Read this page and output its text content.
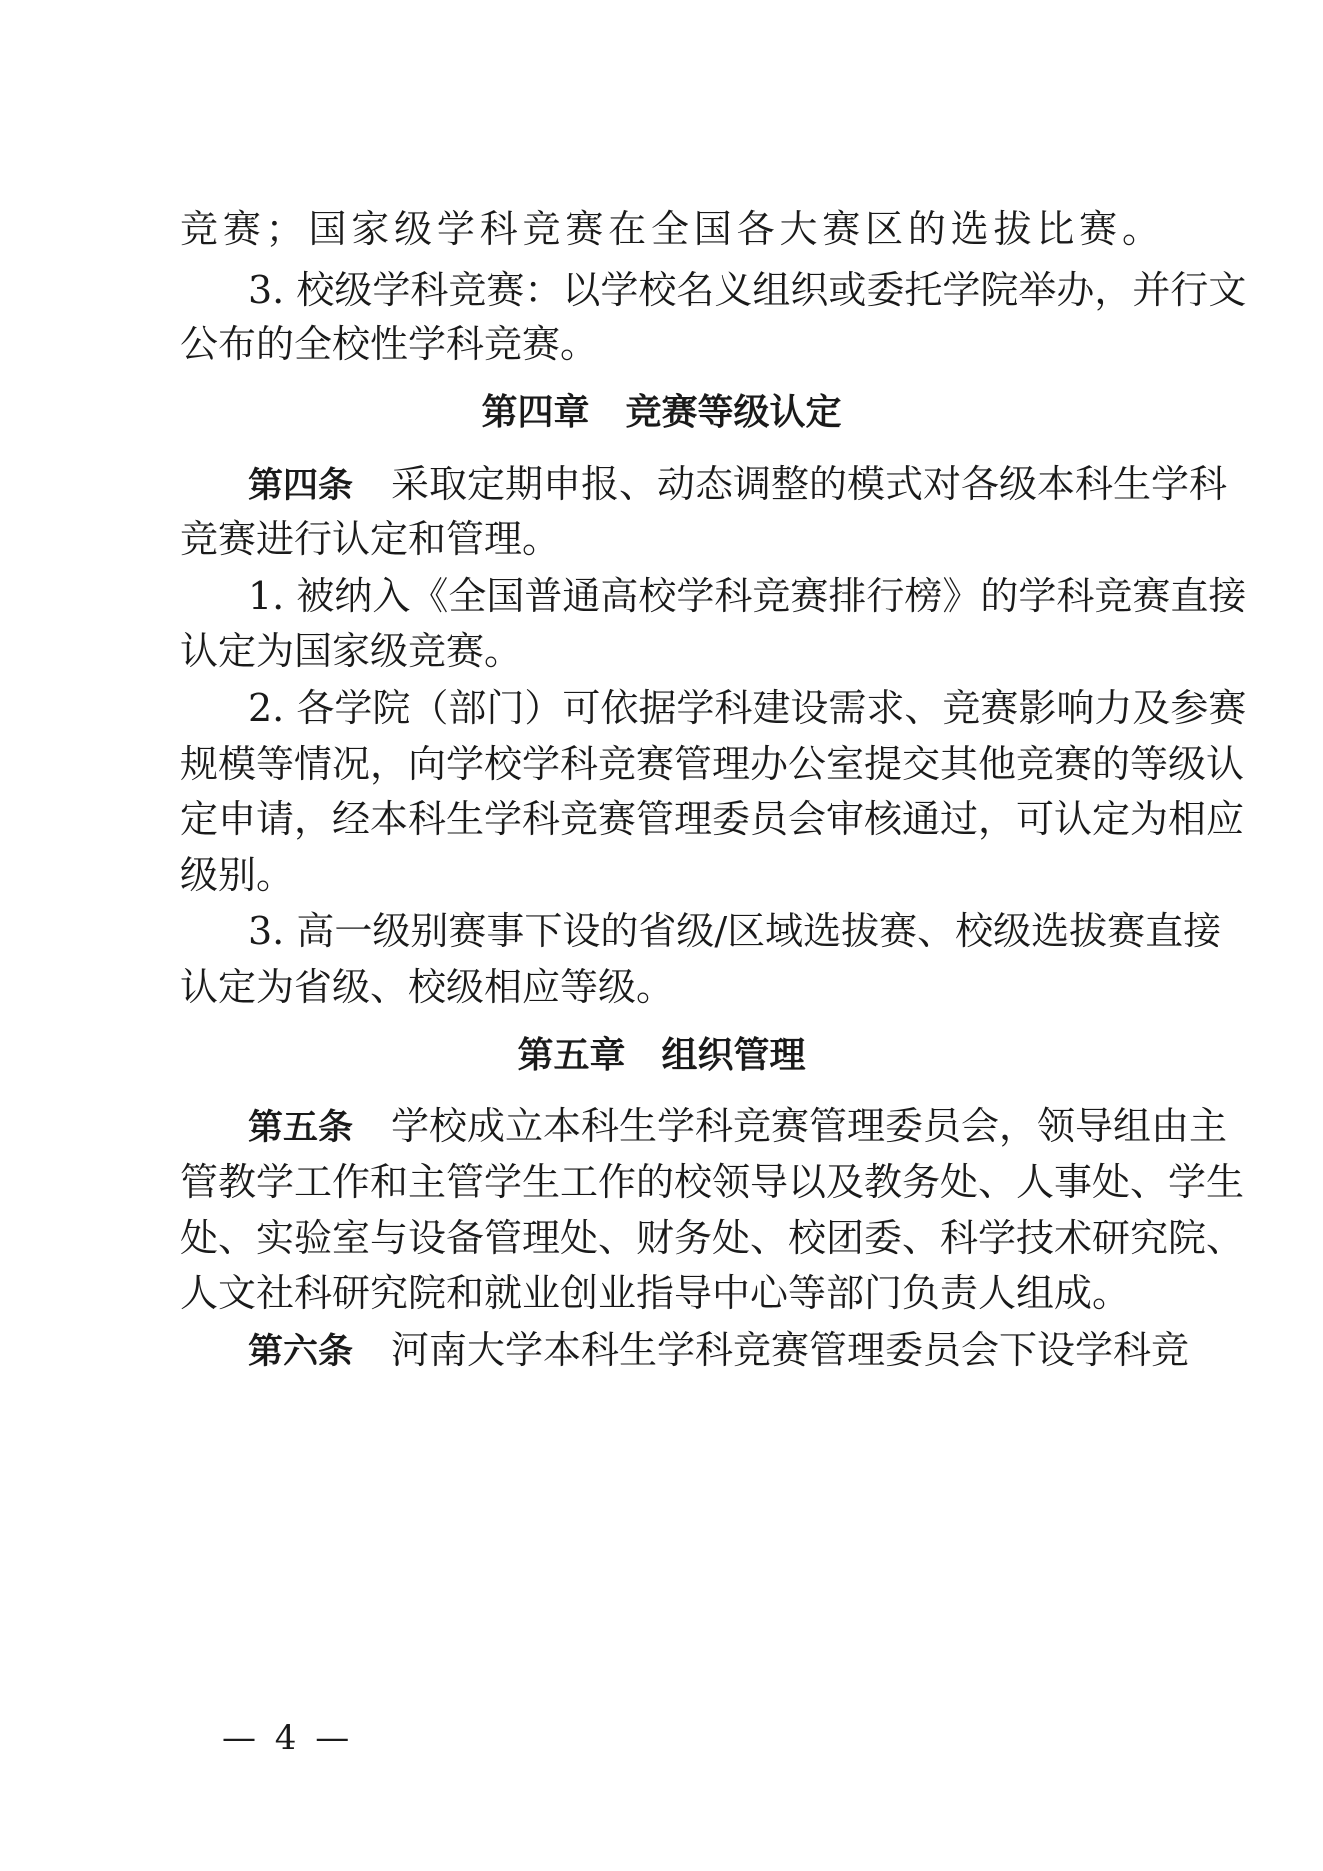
竞赛；国家级学科竞赛在全国各大赛区的选拔比赛。
3. 校级学科竞赛：以学校名义组织或委托学院举办，并行文
公布的全校性学科竞赛。
第四章 竞赛等级认定
第四条 采取定期申报、动态调整的模式对各级本科生学科
竞赛进行认定和管理。
1. 被纳入《全国普通高校学科竞赛排行榜》的学科竞赛直接
认定为国家级竞赛。
2. 各学院（部门）可依据学科建设需求、竞赛影响力及参赛
规模等情况，向学校学科竞赛管理办公室提交其他竞赛的等级认
定申请，经本科生学科竞赛管理委员会审核通过，可认定为相应
级别。
3. 高一级别赛事下设的省级/区域选拔赛、校级选拔赛直接
认定为省级、校级相应等级。
第五章 组织管理
第五条 学校成立本科生学科竞赛管理委员会，领导组由主
管教学工作和主管学生工作的校领导以及教务处、人事处、学生
处、实验室与设备管理处、财务处、校团委、科学技术研究院、
人文社科研究院和就业创业指导中心等部门负责人组成。
第六条 河南大学本科生学科竞赛管理委员会下设学科竞
— 4 —
